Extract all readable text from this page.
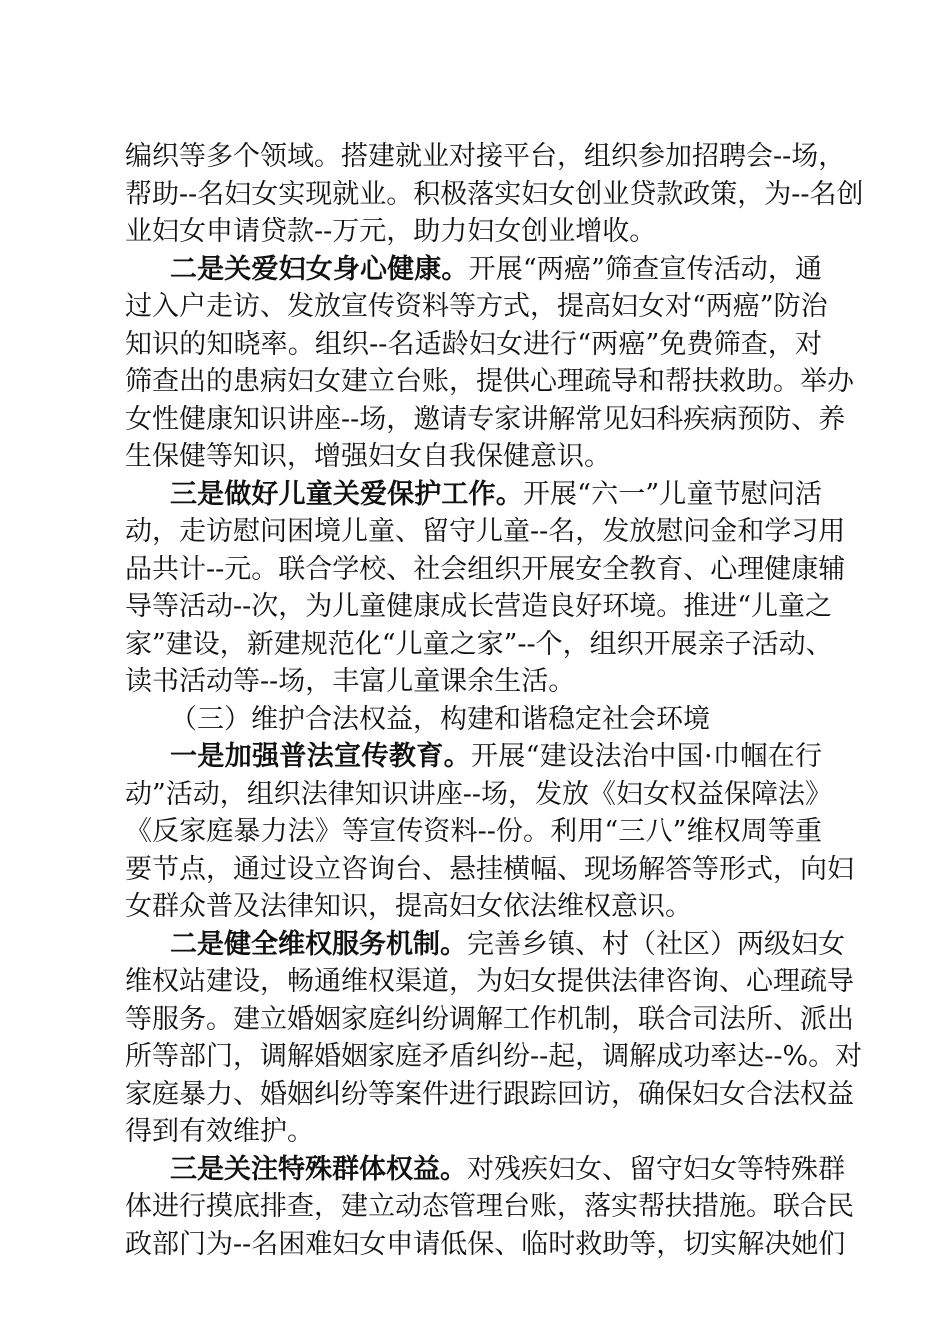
编织等多个领域。搭建就业对接平台，组织参加招聘会--场，
帮助--名妇女实现就业。积极落实妇女创业贷款政策，为--名创
业妇女申请贷款--万元，助力妇女创业增收。
二是关爱妇女身心健康。开展“两癌”筛查宣传活动，通
过入户走访、发放宣传资料等方式，提高妇女对“两癌”防治
知识的知晓率。组织--名适龄妇女进行“两癌”免费筛查，对
筛查出的患病妇女建立台账，提供心理疏导和帮扶救助。举办
女性健康知识讲座--场，邀请专家讲解常见妇科疾病预防、养
生保健等知识，增强妇女自我保健意识。
三是做好儿童关爱保护工作。开展“六一”儿童节慰问活
动，走访慰问困境儿童、留守儿童--名，发放慰问金和学习用
品共计--元。联合学校、社会组织开展安全教育、心理健康辅
导等活动--次，为儿童健康成长营造良好环境。推进“儿童之
家”建设，新建规范化“儿童之家”--个，组织开展亲子活动、
读书活动等--场，丰富儿童课余生活。
（三）维护合法权益，构建和谐稳定社会环境
一是加强普法宣传教育。开展“建设法治中国·巾帼在行
动”活动，组织法律知识讲座--场，发放《妇女权益保障法》
《反家庭暴力法》等宣传资料--份。利用“三八”维权周等重
要节点，通过设立咨询台、悬挂横幅、现场解答等形式，向妇
女群众普及法律知识，提高妇女依法维权意识。
二是健全维权服务机制。完善乡镇、村（社区）两级妇女
维权站建设，畅通维权渠道，为妇女提供法律咨询、心理疏导
等服务。建立婚姻家庭纠纷调解工作机制，联合司法所、派出
所等部门，调解婚姻家庭矛盾纠纷--起，调解成功率达--%。对
家庭暴力、婚姻纠纷等案件进行跟踪回访，确保妇女合法权益
得到有效维护。
三是关注特殊群体权益。对残疾妇女、留守妇女等特殊群
体进行摸底排查，建立动态管理台账，落实帮扶措施。联合民
政部门为--名困难妇女申请低保、临时救助等，切实解决她们
